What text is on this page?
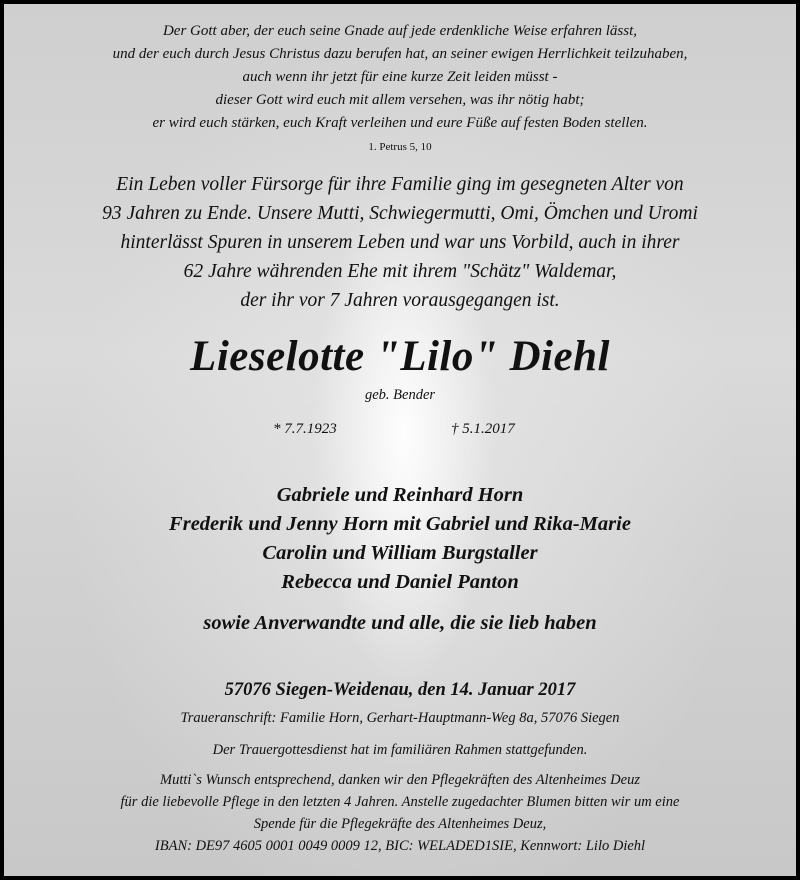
Der Gott aber, der euch seine Gnade auf jede erdenkliche Weise erfahren lässt,
und der euch durch Jesus Christus dazu berufen hat, an seiner ewigen Herrlichkeit teilzuhaben,
auch wenn ihr jetzt für eine kurze Zeit leiden müsst -
dieser Gott wird euch mit allem versehen, was ihr nötig habt;
er wird euch stärken, euch Kraft verleihen und eure Füße auf festen Boden stellen.
1. Petrus 5, 10
Ein Leben voller Fürsorge für ihre Familie ging im gesegneten Alter von
93 Jahren zu Ende. Unsere Mutti, Schwiegermutti, Omi, Ömchen und Uromi
hinterlässt Spuren in unserem Leben und war uns Vorbild, auch in ihrer
62 Jahre währenden Ehe mit ihrem "Schätz" Waldemar,
der ihr vor 7 Jahren vorausgegangen ist.
Lieselotte "Lilo" Diehl
geb. Bender
* 7.7.1923	† 5.1.2017
Gabriele und Reinhard Horn
Frederik und Jenny Horn mit Gabriel und Rika-Marie
Carolin und William Burgstaller
Rebecca und Daniel Panton
sowie Anverwandte und alle, die sie lieb haben
57076 Siegen-Weidenau, den 14. Januar 2017
Traueranschrift: Familie Horn, Gerhart-Hauptmann-Weg 8a, 57076 Siegen
Der Trauergottesdienst hat im familiären Rahmen stattgefunden.
Mutti`s Wunsch entsprechend, danken wir den Pflegekräften des Altenheimes Deuz
für die liebevolle Pflege in den letzten 4 Jahren. Anstelle zugedachter Blumen bitten wir um eine
Spende für die Pflegekräfte des Altenheimes Deuz,
IBAN: DE97 4605 0001 0049 0009 12, BIC: WELADED1SIE, Kennwort: Lilo Diehl
